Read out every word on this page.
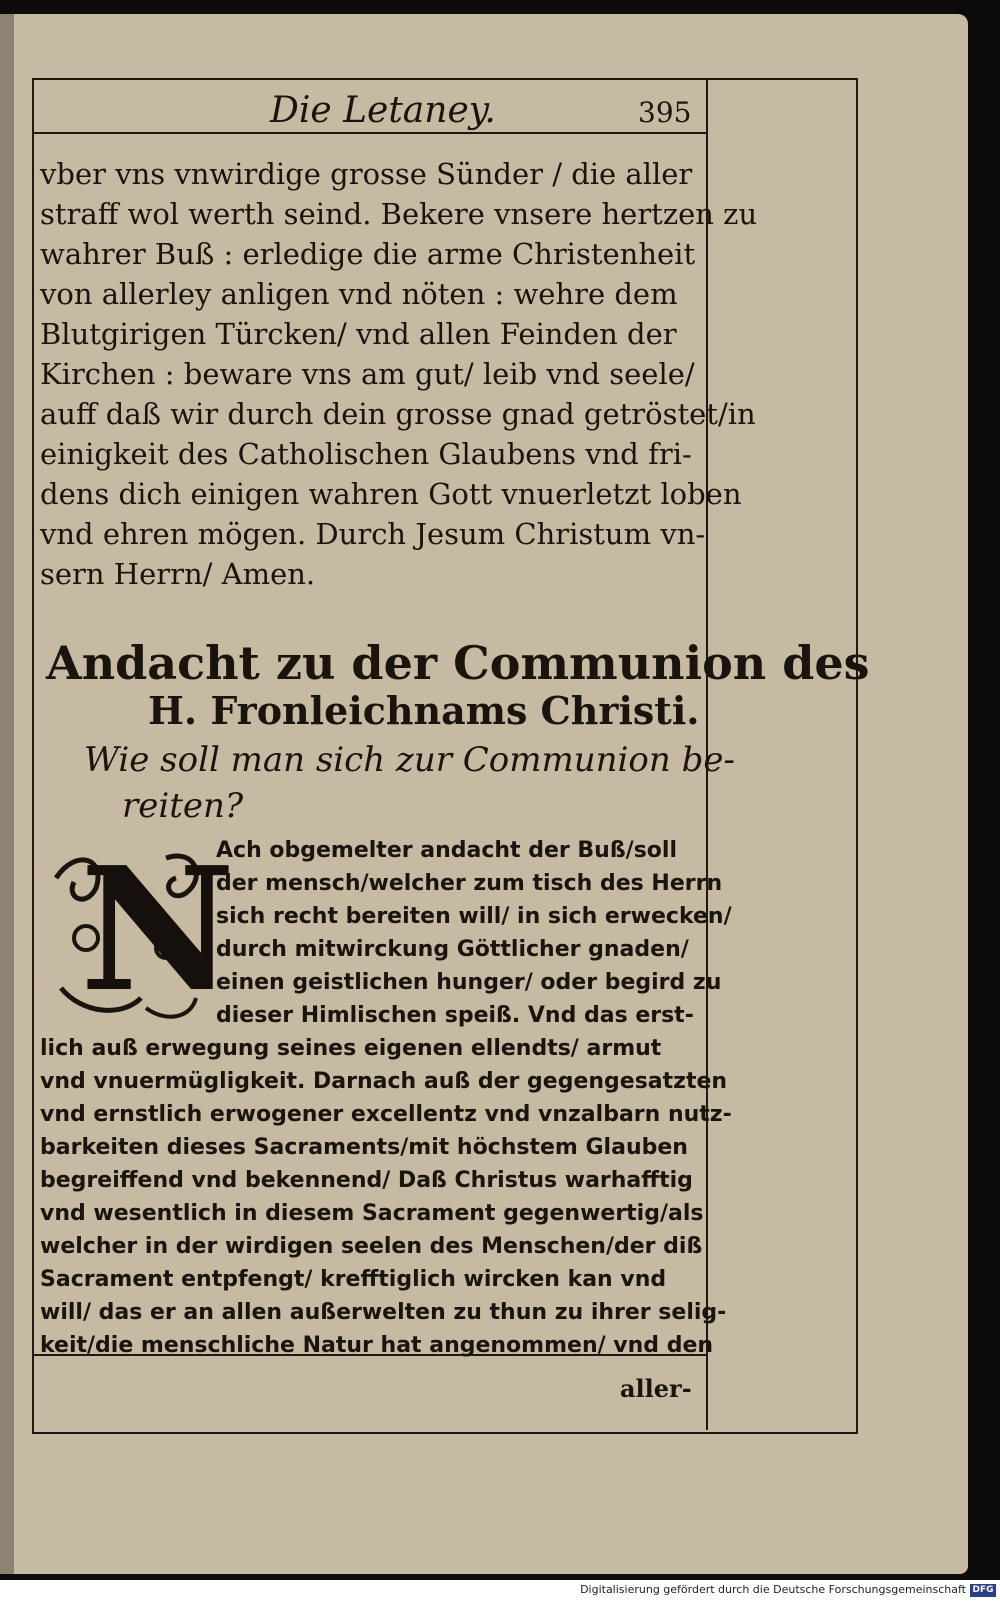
Die Letaney.	395
vber vns vnwirdige grosse Sünder / die aller
straff wol werth seind. Bekere vnsere hertzen zu
wahrer Buß : erledige die arme Christenheit
von allerley anligen vnd nöten : wehre dem
Blutgirigen Türcken/ vnd allen Feinden der
Kirchen : beware vns am gut/ leib vnd seele/
auff daß wir durch dein grosse gnad getröstet/in
einigkeit des Catholischen Glaubens vnd fri-
dens dich einigen wahren Gott vnuerletzt loben
vnd ehren mögen. Durch Jesum Christum vn-
sern Herrn/ Amen.
Andacht zu der Communion des
H. Fronleichnams Christi.
Wie soll man sich zur Communion be-
reiten?
N
Ach obgemelter andacht der Buß/soll
der mensch/welcher zum tisch des Herrn
sich recht bereiten will/ in sich erwecken/
durch mitwirckung Göttlicher gnaden/
einen geistlichen hunger/ oder begird zu
dieser Himlischen speiß. Vnd das erst-
lich auß erwegung seines eigenen ellendts/ armut
vnd vnuermügligkeit. Darnach auß der gegengesatzten
vnd ernstlich erwogener excellentz vnd vnzalbarn nutz-
barkeiten dieses Sacraments/mit höchstem Glauben
begreiffend vnd bekennend/ Daß Christus warhafftig
vnd wesentlich in diesem Sacrament gegenwertig/als
welcher in der wirdigen seelen des Menschen/der diß
Sacrament entpfengt/ krefftiglich wircken kan vnd
will/ das er an allen außerwelten zu thun zu ihrer selig-
keit/die menschliche Natur hat angenommen/ vnd den
aller-
Digitalisierung gefördert durch die Deutsche Forschungsgemeinschaft DFG
